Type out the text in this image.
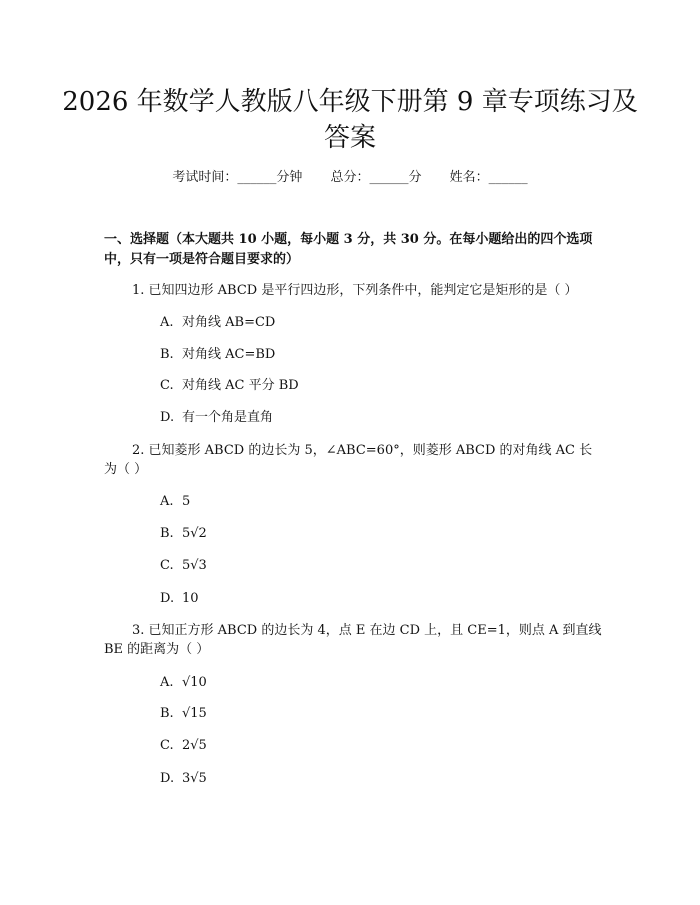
2026 年数学人教版八年级下册第 9 章专项练习及答案
考试时间：______分钟 总分：______分 姓名：______

一、选择题（本大题共 10 小题，每小题 3 分，共 30 分。在每小题给出的四个选项中，只有一项是符合题目要求的）

1. 已知四边形 ABCD 是平行四边形，下列条件中，能判定它是矩形的是（ ）

A. 对角线 AB=CD
B. 对角线 AC=BD
C. 对角线 AC 平分 BD
D. 有一个角是直角

2. 已知菱形 ABCD 的边长为 5，∠ABC=60°，则菱形 ABCD 的对角线 AC 长为（ ）

A. 5
B. 5√2
C. 5√3
D. 10

3. 已知正方形 ABCD 的边长为 4，点 E 在边 CD 上，且 CE=1，则点 A 到直线 BE 的距离为（ ）

A. √10
B. √15
C. 2√5
D. 3√5
